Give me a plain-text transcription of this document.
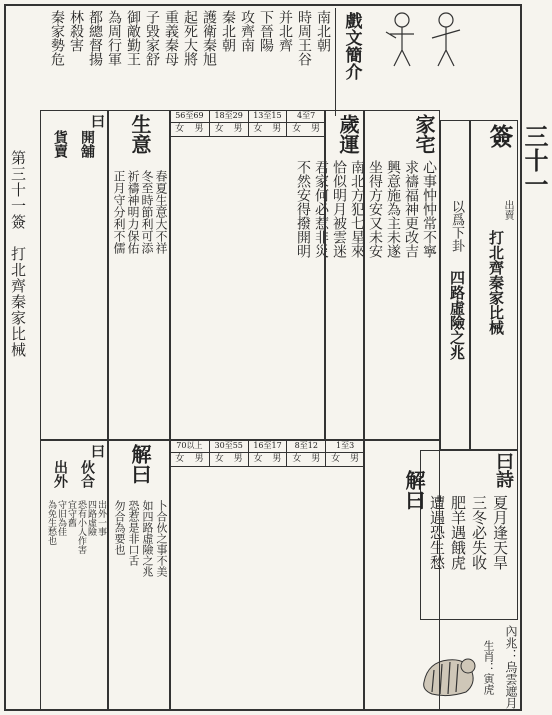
第三十一簽　打北齊秦家比械
戲文簡介
南北朝
時周王谷
并北齊
下晉陽
攻齊南
秦北朝
護衛秦旭
起死大將
重義秦母
子毀家舒
御敵勤王
為周行軍
都總督揚
林殺害
秦家勢危
三十一簽
打北齊秦家比械
出賣
以爲下卦
四路虛險之兆
曰詩
夏月逢天旱
三冬必失收
肥羊遇餓虎
遭遇恐生愁
內兆：烏雲遮月
生肖：寅虎
家宅
心事忡忡常不寧
求禱福神更改吉
興意施為主未遂
坐得方安又未安
南北方犯七星來
恰似明月被雲迷
君家何必惹非災
不然安得撥開明
歲運
4至7
女 男
13至15
女 男
18至29
女 男
56至69
女 男
生意
春夏生意大不祥
冬至時節利可添
祈禱神明力保佑
正月守分利不儒
曰
開舖
貨賣
解曰
1至3
女 男
8至12
女 男
16至17
女 男
30至55
女 男
70以上
女 男
解曰
卜合伙之事不美
如四路虛險之兆
恐惹是非口舌
勿合為要也
曰
伙合
出外
出外一事
四路虛險
恐有小人作害
宜守舊
守旧為佳
為免生愁也
